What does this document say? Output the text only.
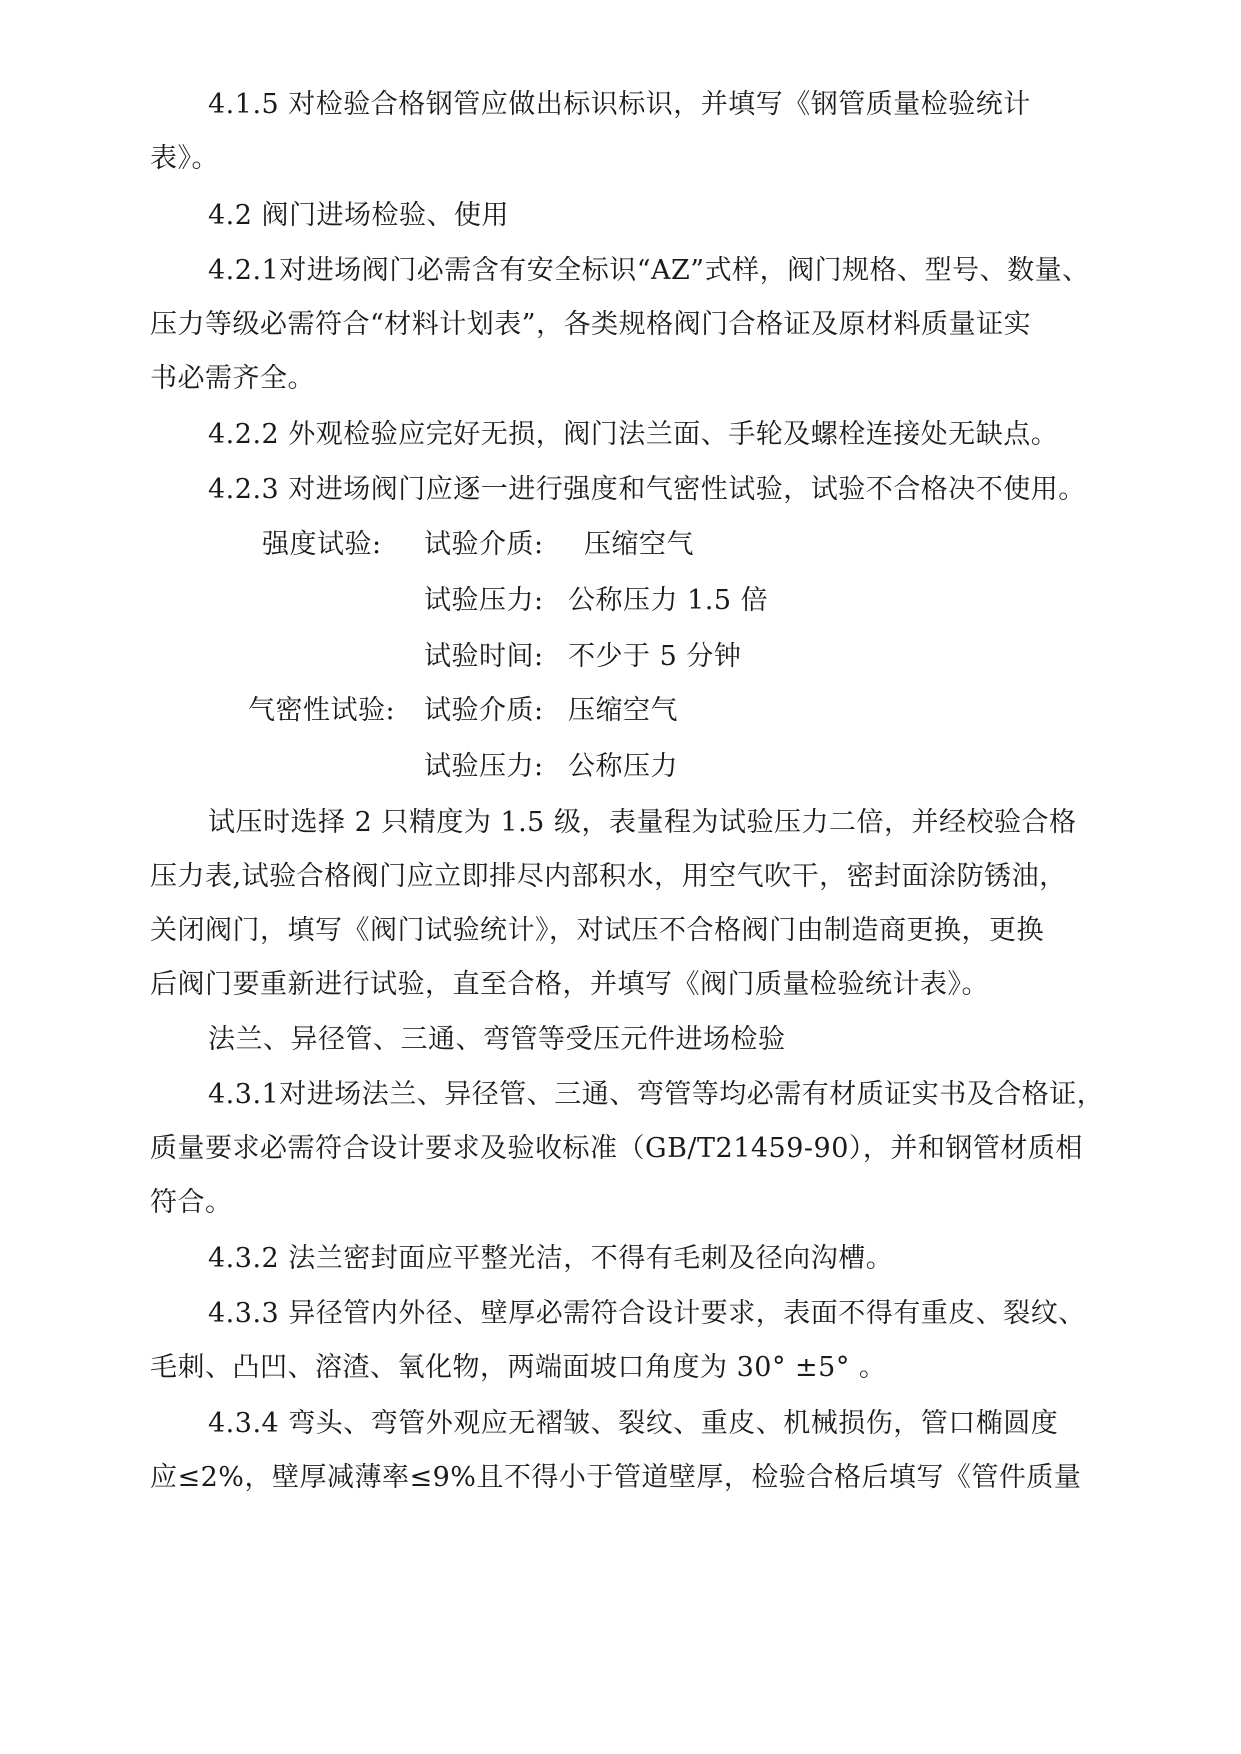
4.1.5 对检验合格钢管应做出标识标识，并填写《钢管质量检验统计
表》。
4.2 阀门进场检验、使用
4.2.1对进场阀门必需含有安全标识“AZ”式样，阀门规格、型号、数量、
压力等级必需符合“材料计划表”，各类规格阀门合格证及原材料质量证实
书必需齐全。
4.2.2 外观检验应完好无损，阀门法兰面、手轮及螺栓连接处无缺点。
4.2.3 对进场阀门应逐一进行强度和气密性试验，试验不合格决不使用。
强度试验: 试验介质: 压缩空气
试验压力: 公称压力 1.5 倍
试验时间: 不少于 5 分钟
气密性试验: 试验介质: 压缩空气
试验压力: 公称压力
试压时选择 2 只精度为 1.5 级，表量程为试验压力二倍，并经校验合格
压力表,试验合格阀门应立即排尽内部积水，用空气吹干，密封面涂防锈油，
关闭阀门，填写《阀门试验统计》，对试压不合格阀门由制造商更换，更换
后阀门要重新进行试验，直至合格，并填写《阀门质量检验统计表》。
法兰、异径管、三通、弯管等受压元件进场检验
4.3.1对进场法兰、异径管、三通、弯管等均必需有材质证实书及合格证，
质量要求必需符合设计要求及验收标准（GB/T21459-90），并和钢管材质相
符合。
4.3.2 法兰密封面应平整光洁，不得有毛刺及径向沟槽。
4.3.3 异径管内外径、壁厚必需符合设计要求，表面不得有重皮、裂纹、
毛刺、凸凹、溶渣、氧化物，两端面坡口角度为 30° ±5° 。
4.3.4 弯头、弯管外观应无褶皱、裂纹、重皮、机械损伤，管口椭圆度
应≤2%，壁厚减薄率≤9%且不得小于管道壁厚，检验合格后填写《管件质量
